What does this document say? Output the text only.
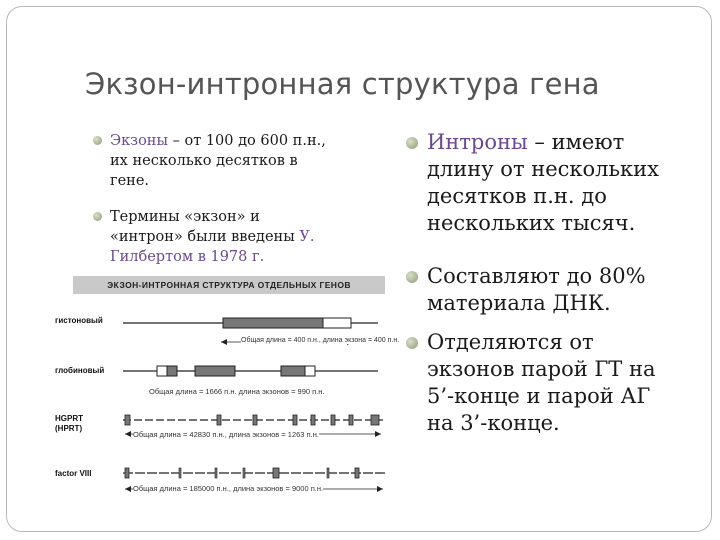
Экзон-интронная структура гена
Экзоны – от 100 до 600 п.н.,
их несколько десятков в
гене.
Термины «экзон» и
«интрон» были введены У.
Гилбертом в 1978 г.
Интроны – имеют
длину от нескольких
десятков п.н. до
нескольких тысяч.
Составляют до 80%
материала ДНК.
Отделяются от
экзонов парой ГТ на
5’-конце и парой АГ
на 3’-конце.
ЭКЗОН-ИНТРОННАЯ СТРУКТУРА ОТДЕЛЬНЫХ ГЕНОВ
гистоновый
Общая длина = 400 п.н., длина экзона = 400 п.н.
глобиновый
Общая длина = 1666 п.н. длина экзонов = 990 п.н.
HGPRT
(HPRT)
Общая длина = 42830 п.н., длина экзонов = 1263 п.н.
factor VIII
Общая длина = 185000 п.н., длина экзонов = 9000 п.н.
